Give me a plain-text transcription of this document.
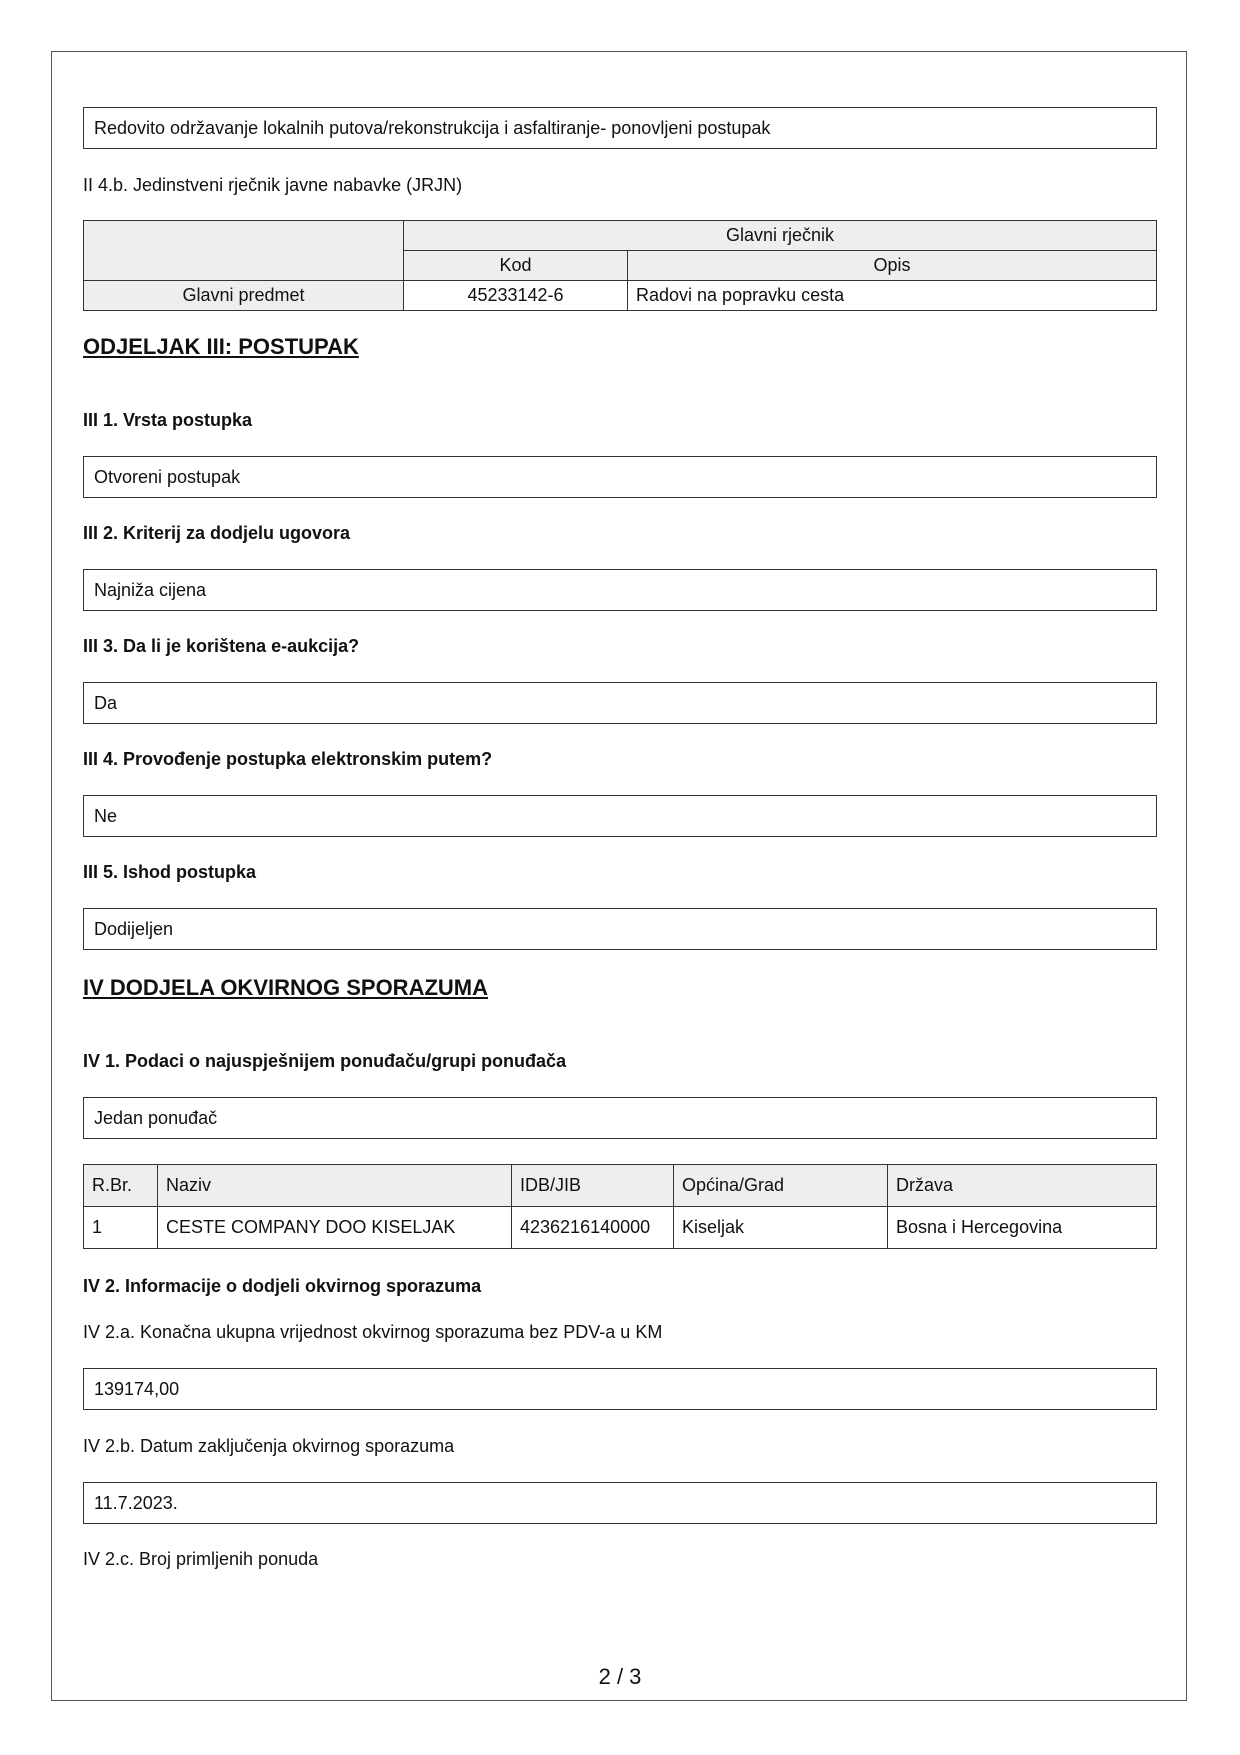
Redovito održavanje lokalnih putova/rekonstrukcija i asfaltiranje- ponovljeni postupak
II 4.b. Jedinstveni rječnik javne nabavke (JRJN)
	Glavni rječnik	
	Kod	Opis
Glavni predmet	45233142-6	Radovi na popravku cesta
ODJELJAK III: POSTUPAK
III 1. Vrsta postupka
Otvoreni postupak
III 2. Kriterij za dodjelu ugovora
Najniža cijena
III 3. Da li je korištena e-aukcija?
Da
III 4. Provođenje postupka elektronskim putem?
Ne
III 5. Ishod postupka
Dodijeljen
IV DODJELA OKVIRNOG SPORAZUMA
IV 1. Podaci o najuspješnijem ponuđaču/grupi ponuđača
Jedan ponuđač
R.Br.	Naziv	IDB/JIB	Općina/Grad	Država
1	CESTE COMPANY DOO KISELJAK	4236216140000	Kiseljak	Bosna i Hercegovina
IV 2. Informacije o dodjeli okvirnog sporazuma
IV 2.a. Konačna ukupna vrijednost okvirnog sporazuma bez PDV-a u KM
139174,00
IV 2.b. Datum zaključenja okvirnog sporazuma
11.7.2023.
IV 2.c. Broj primljenih ponuda
2 / 3
